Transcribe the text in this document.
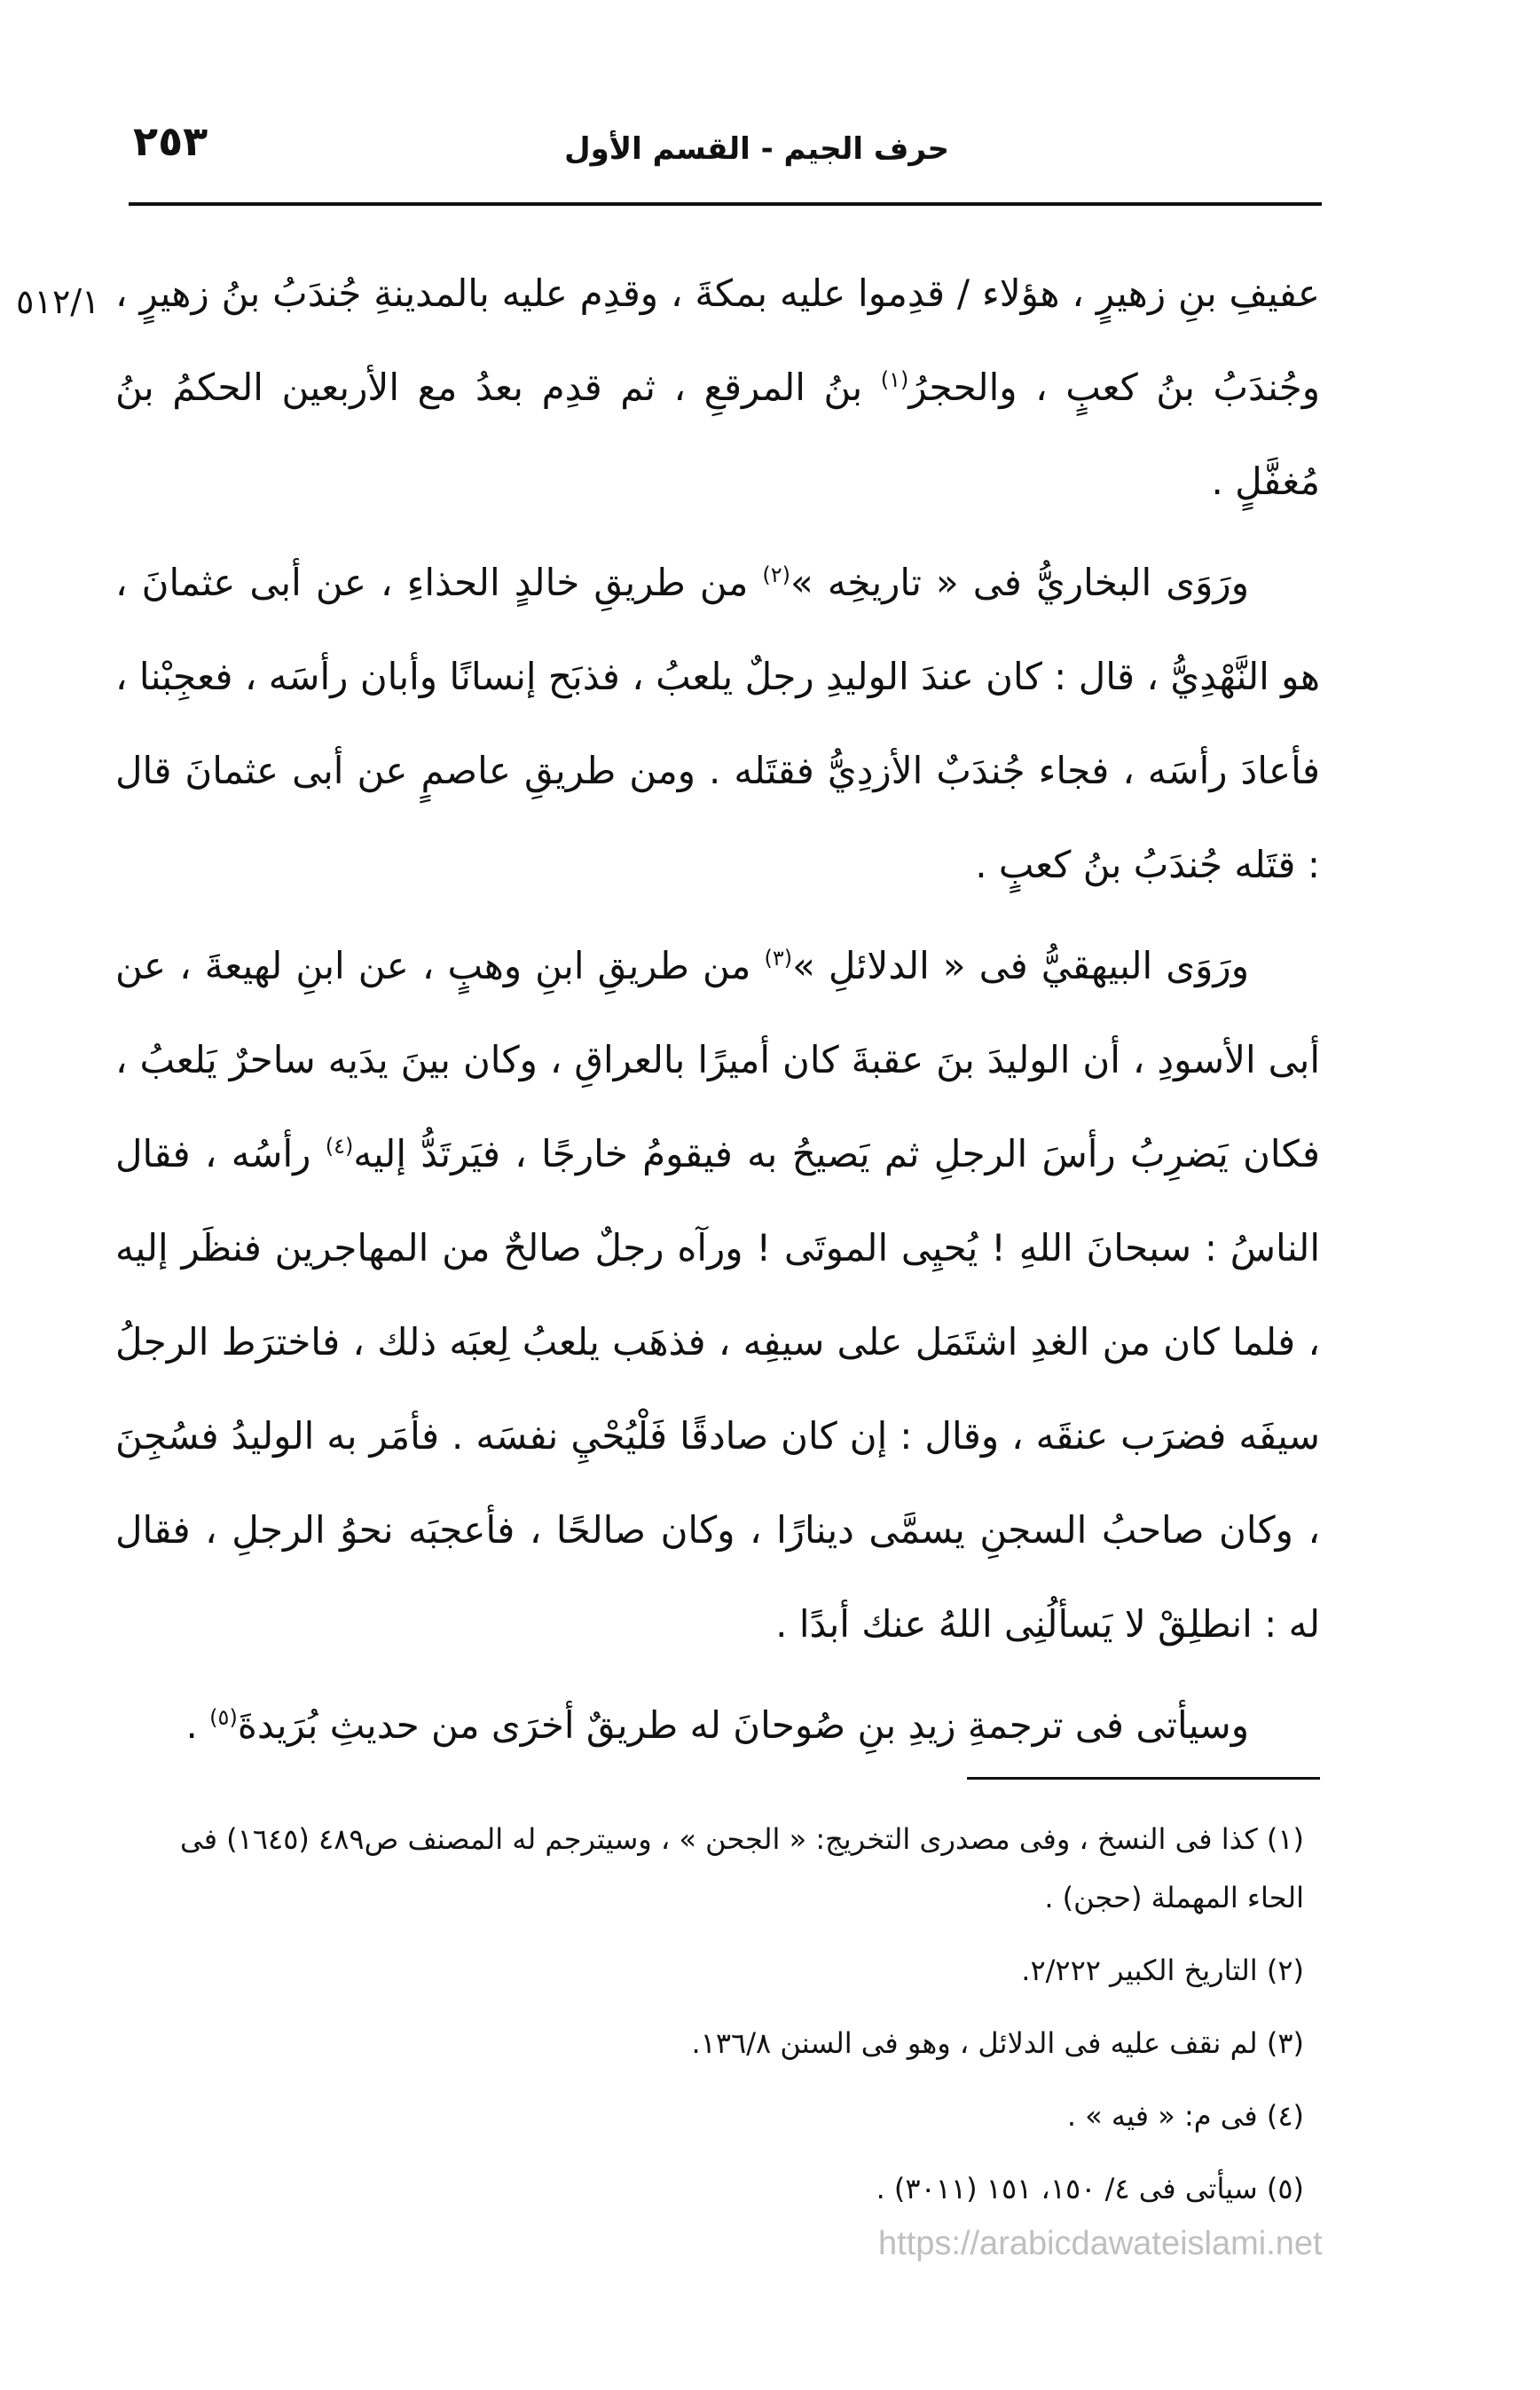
٢٥٣	حرف الجيم - القسم الأول
٥١٢/١ عفيفِ بنِ زهيرٍ ، هؤلاء / قدِموا عليه بمكةَ ، وقدِم عليه بالمدينةِ جُندَبُ بنُ زهيرٍ ، وجُندَبُ بنُ كعبٍ ، والحجرُ$^{(١)}$ بنُ المرقعِ ، ثم قدِم بعدُ مع الأربعين الحكمُ بنُ مُغفَّلٍ .

ورَوَى البخاريُّ فى « تاريخِه »$^{(٢)}$ من طريقِ خالدٍ الحذاءِ ، عن أبى عثمانَ ، هو النَّهْدِيُّ ، قال : كان عندَ الوليدِ رجلٌ يلعبُ ، فذبَح إنسانًا وأبان رأسَه ، فعجِبْنا ، فأعادَ رأسَه ، فجاء جُندَبٌ الأزدِيُّ فقتَله . ومن طريقِ عاصمٍ عن أبى عثمانَ قال : قتَله جُندَبُ بنُ كعبٍ .

ورَوَى البيهقيُّ فى « الدلائلِ »$^{(٣)}$ من طريقِ ابنِ وهبٍ ، عن ابنِ لهيعةَ ، عن أبى الأسودِ ، أن الوليدَ بنَ عقبةَ كان أميرًا بالعراقِ ، وكان بينَ يدَيه ساحرٌ يَلعبُ ، فكان يَضرِبُ رأسَ الرجلِ ثم يَصيحُ به فيقومُ خارجًا ، فيَرتَدُّ إليه$^{(٤)}$ رأسُه ، فقال الناسُ : سبحانَ اللهِ ! يُحيِى الموتَى ! ورآه رجلٌ صالحٌ من المهاجرين فنظَر إليه ، فلما كان من الغدِ اشتَمَل على سيفِه ، فذهَب يلعبُ لِعبَه ذلك ، فاخترَط الرجلُ سيفَه فضرَب عنقَه ، وقال : إن كان صادقًا فَلْيُحْيِ نفسَه . فأمَر به الوليدُ فسُجِنَ ، وكان صاحبُ السجنِ يسمَّى دينارًا ، وكان صالحًا ، فأعجبَه نحوُ الرجلِ ، فقال له : انطلِقْ لا يَسألُنِى اللهُ عنك أبدًا .

وسيأتى فى ترجمةِ زيدِ بنِ صُوحانَ له طريقٌ أخرَى من حديثِ بُرَيدةَ$^{(٥)}$ .

(١) كذا فى النسخ ، وفى مصدرى التخريج: « الجحن » ، وسيترجم له المصنف ص٤٨٩ (١٦٤٥) فى الحاء المهملة (حجن) .

(٢) التاريخ الكبير ٢/٢٢٢.

(٣) لم نقف عليه فى الدلائل ، وهو فى السنن ١٣٦/٨.

(٤) فى م: « فيه » .

(٥) سيأتى فى ٤/ ١٥٠، ١٥١ (٣٠١١) .

https://arabicdawateislami.net
